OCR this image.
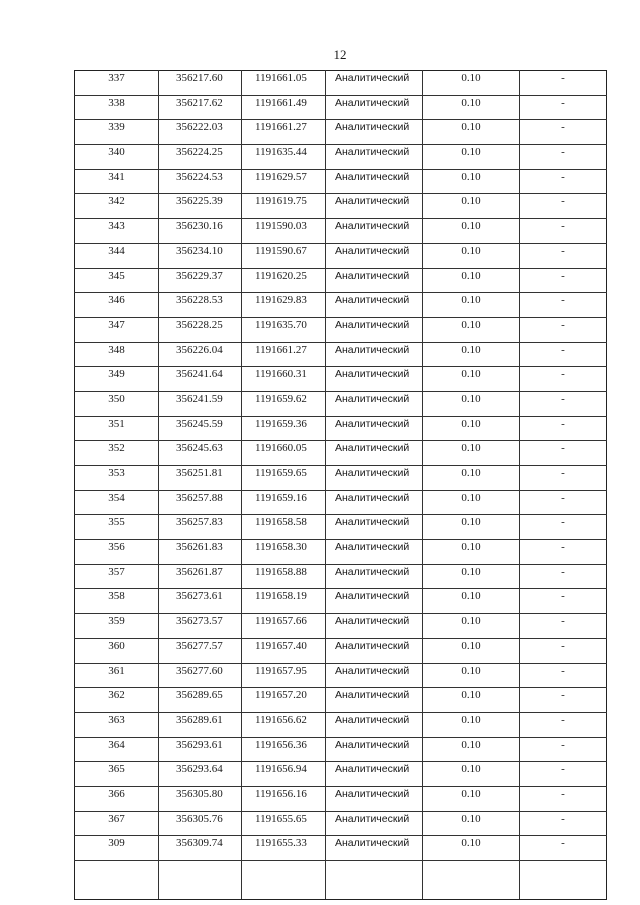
12
337	356217.60	1191661.05	Аналитический	0.10	-
338	356217.62	1191661.49	Аналитический	0.10	-
339	356222.03	1191661.27	Аналитический	0.10	-
340	356224.25	1191635.44	Аналитический	0.10	-
341	356224.53	1191629.57	Аналитический	0.10	-
342	356225.39	1191619.75	Аналитический	0.10	-
343	356230.16	1191590.03	Аналитический	0.10	-
344	356234.10	1191590.67	Аналитический	0.10	-
345	356229.37	1191620.25	Аналитический	0.10	-
346	356228.53	1191629.83	Аналитический	0.10	-
347	356228.25	1191635.70	Аналитический	0.10	-
348	356226.04	1191661.27	Аналитический	0.10	-
349	356241.64	1191660.31	Аналитический	0.10	-
350	356241.59	1191659.62	Аналитический	0.10	-
351	356245.59	1191659.36	Аналитический	0.10	-
352	356245.63	1191660.05	Аналитический	0.10	-
353	356251.81	1191659.65	Аналитический	0.10	-
354	356257.88	1191659.16	Аналитический	0.10	-
355	356257.83	1191658.58	Аналитический	0.10	-
356	356261.83	1191658.30	Аналитический	0.10	-
357	356261.87	1191658.88	Аналитический	0.10	-
358	356273.61	1191658.19	Аналитический	0.10	-
359	356273.57	1191657.66	Аналитический	0.10	-
360	356277.57	1191657.40	Аналитический	0.10	-
361	356277.60	1191657.95	Аналитический	0.10	-
362	356289.65	1191657.20	Аналитический	0.10	-
363	356289.61	1191656.62	Аналитический	0.10	-
364	356293.61	1191656.36	Аналитический	0.10	-
365	356293.64	1191656.94	Аналитический	0.10	-
366	356305.80	1191656.16	Аналитический	0.10	-
367	356305.76	1191655.65	Аналитический	0.10	-
309	356309.74	1191655.33	Аналитический	0.10	-
